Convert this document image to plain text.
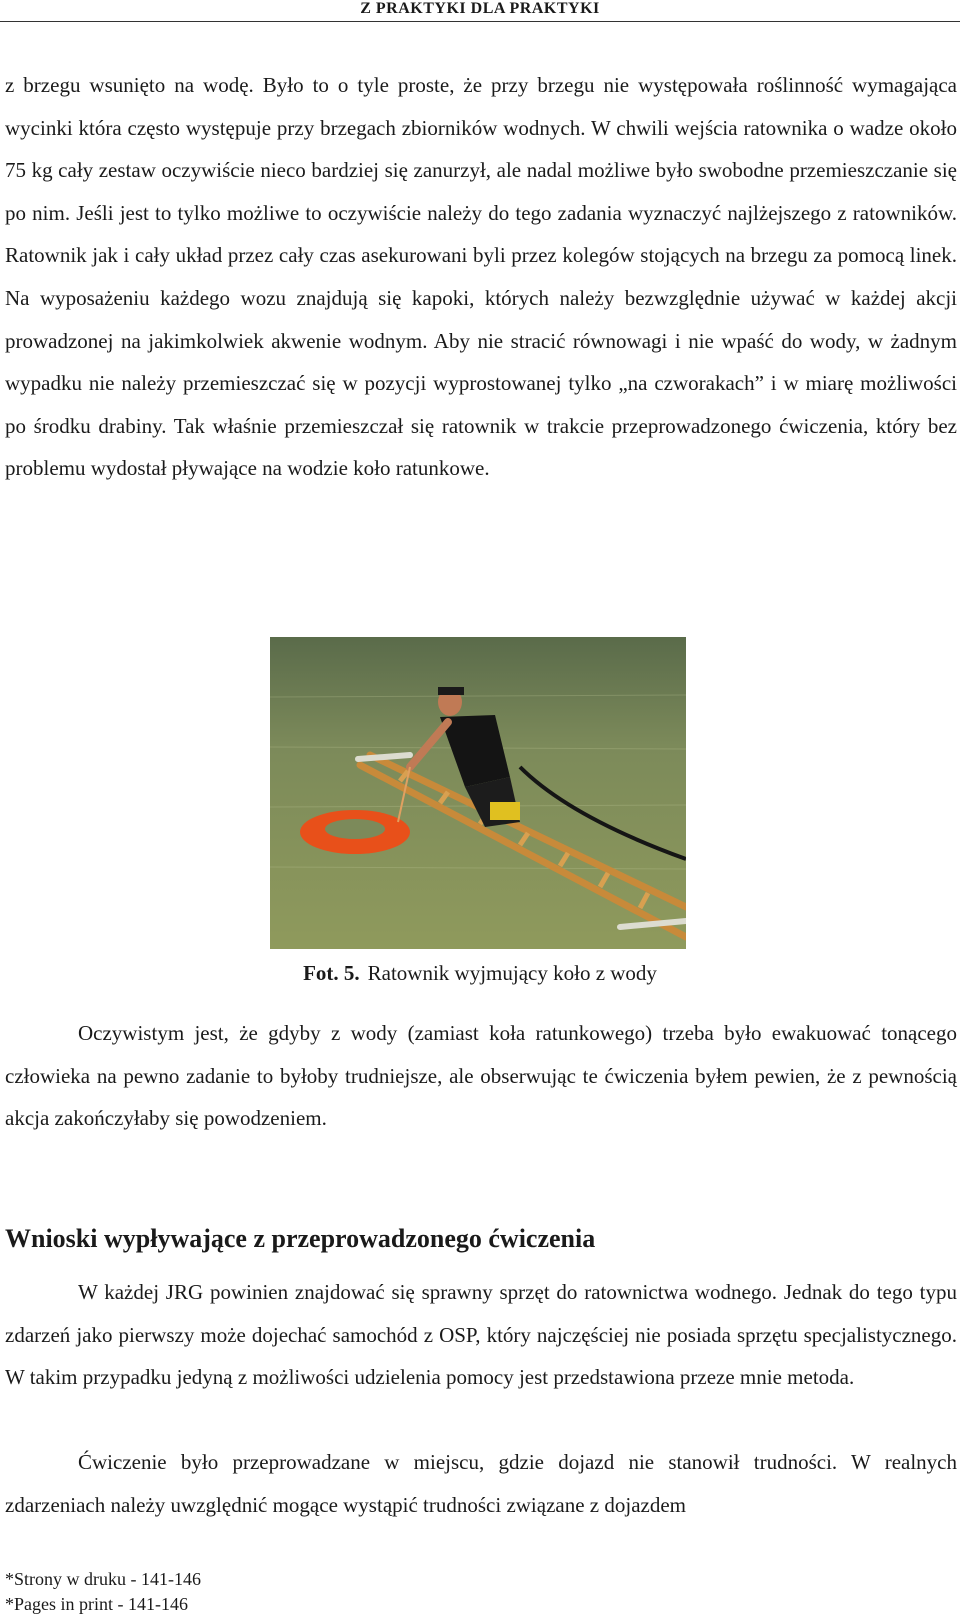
Z PRAKTYKI DLA PRAKTYKI

z brzegu wsunięto na wodę. Było to o tyle proste, że przy brzegu nie występowała roślinność wymagająca wycinki która często występuje przy brzegach zbiorników wodnych. W chwili wejścia ratownika o wadze około 75 kg cały zestaw oczywiście nieco bardziej się zanurzył, ale nadal możliwe było swobodne przemieszczanie się po nim. Jeśli jest to tylko możliwe to oczywiście należy do tego zadania wyznaczyć najlżejszego z ratowników. Ratownik jak i cały układ przez cały czas asekurowani byli przez kolegów stojących na brzegu za pomocą linek. Na wyposażeniu każdego wozu znajdują się kapoki, których należy bezwzględnie używać w każdej akcji prowadzonej na jakimkolwiek akwenie wodnym. Aby nie stracić równowagi i nie wpaść do wody, w żadnym wypadku nie należy przemieszczać się w pozycji wyprostowanej tylko „na czworakach” i w miarę możliwości po środku drabiny. Tak właśnie przemieszczał się ratownik w trakcie przeprowadzonego ćwiczenia, który bez problemu wydostał pływające na wodzie koło ratunkowe.

Fot. 5. Ratownik wyjmujący koło z wody

Oczywistym jest, że gdyby z wody (zamiast koła ratunkowego) trzeba było ewakuować tonącego człowieka na pewno zadanie to byłoby trudniejsze, ale obserwując te ćwiczenia byłem pewien, że z pewnością akcja zakończyłaby się powodzeniem.

Wnioski wypływające z przeprowadzonego ćwiczenia

W każdej JRG powinien znajdować się sprawny sprzęt do ratownictwa wodnego. Jednak do tego typu zdarzeń jako pierwszy może dojechać samochód z OSP, który najczęściej nie posiada sprzętu specjalistycznego. W takim przypadku jedyną z możliwości udzielenia pomocy jest przedstawiona przeze mnie metoda.

Ćwiczenie było przeprowadzane w miejscu, gdzie dojazd nie stanowił trudności. W realnych zdarzeniach należy uwzględnić mogące wystąpić trudności związane z dojazdem

*Strony w druku - 141-146
*Pages in print - 141-146
